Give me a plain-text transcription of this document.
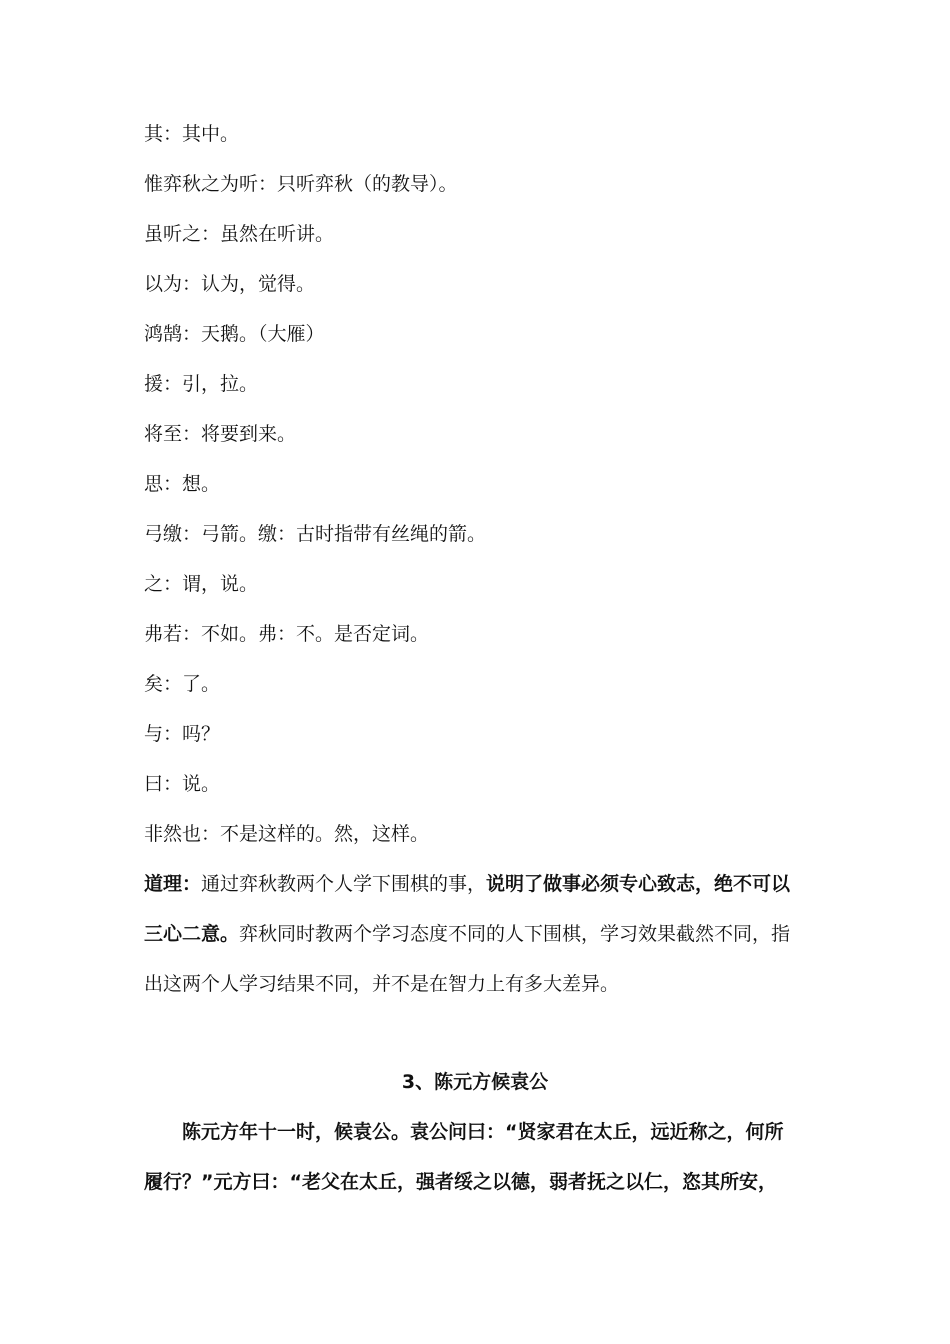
其：其中。
惟弈秋之为听：只听弈秋（的教导）。
虽听之：虽然在听讲。
以为：认为，觉得。
鸿鹄：天鹅。（大雁）
援：引，拉。
将至：将要到来。
思：想。
弓缴：弓箭。缴：古时指带有丝绳的箭。
之：谓，说。
弗若：不如。弗：不。是否定词。
矣：了。
与：吗？
曰：说。
非然也：不是这样的。然，这样。
道理：通过弈秋教两个人学下围棋的事，说明了做事必须专心致志，绝不可以
三心二意。弈秋同时教两个学习态度不同的人下围棋，学习效果截然不同，指
出这两个人学习结果不同，并不是在智力上有多大差异。
3、陈元方候袁公
陈元方年十一时，候袁公。袁公问曰：“贤家君在太丘，远近称之，何所
履行？”元方曰：“老父在太丘，强者绥之以德，弱者抚之以仁，恣其所安，
